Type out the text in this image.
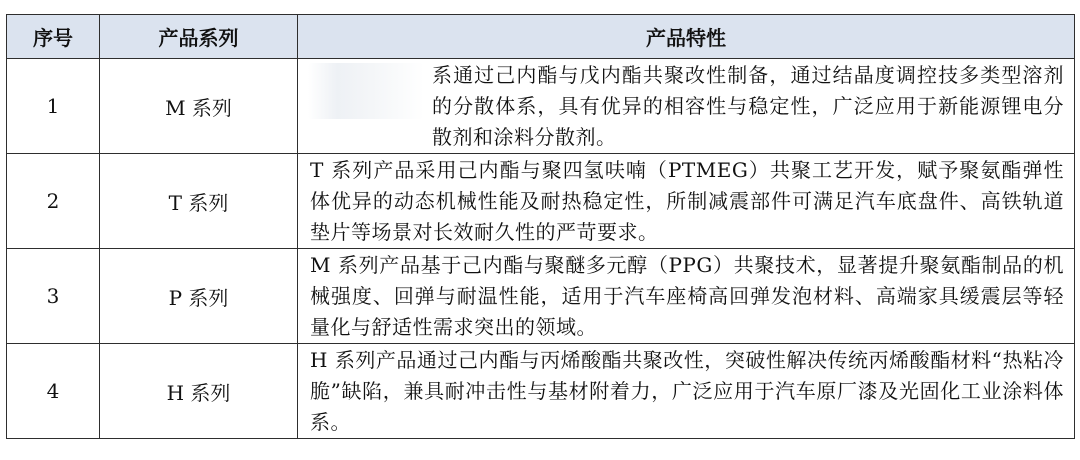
序号	产品系列	产品特性
1	M 系列	系通过己内酯与戊内酯共聚改性制备，通过结晶度调控技多类型溶剂的分散体系，具有优异的相容性与稳定性，广泛应用于新能源锂电分散剂和涂料分散剂。

2	T 系列	T 系列产品采用己内酯与聚四氢呋喃（PTMEG）共聚工艺开发，赋予聚氨酯弹性体优异的动态机械性能及耐热稳定性，所制减震部件可满足汽车底盘件、高铁轨道垫片等场景对长效耐久性的严苛要求。
3	P 系列	M 系列产品基于己内酯与聚醚多元醇（PPG）共聚技术，显著提升聚氨酯制品的机械强度、回弹与耐温性能，适用于汽车座椅高回弹发泡材料、高端家具缓震层等轻量化与舒适性需求突出的领域。
4	H 系列	H 系列产品通过己内酯与丙烯酸酯共聚改性，突破性解决传统丙烯酸酯材料“热粘冷脆”缺陷，兼具耐冲击性与基材附着力，广泛应用于汽车原厂漆及光固化工业涂料体系。
